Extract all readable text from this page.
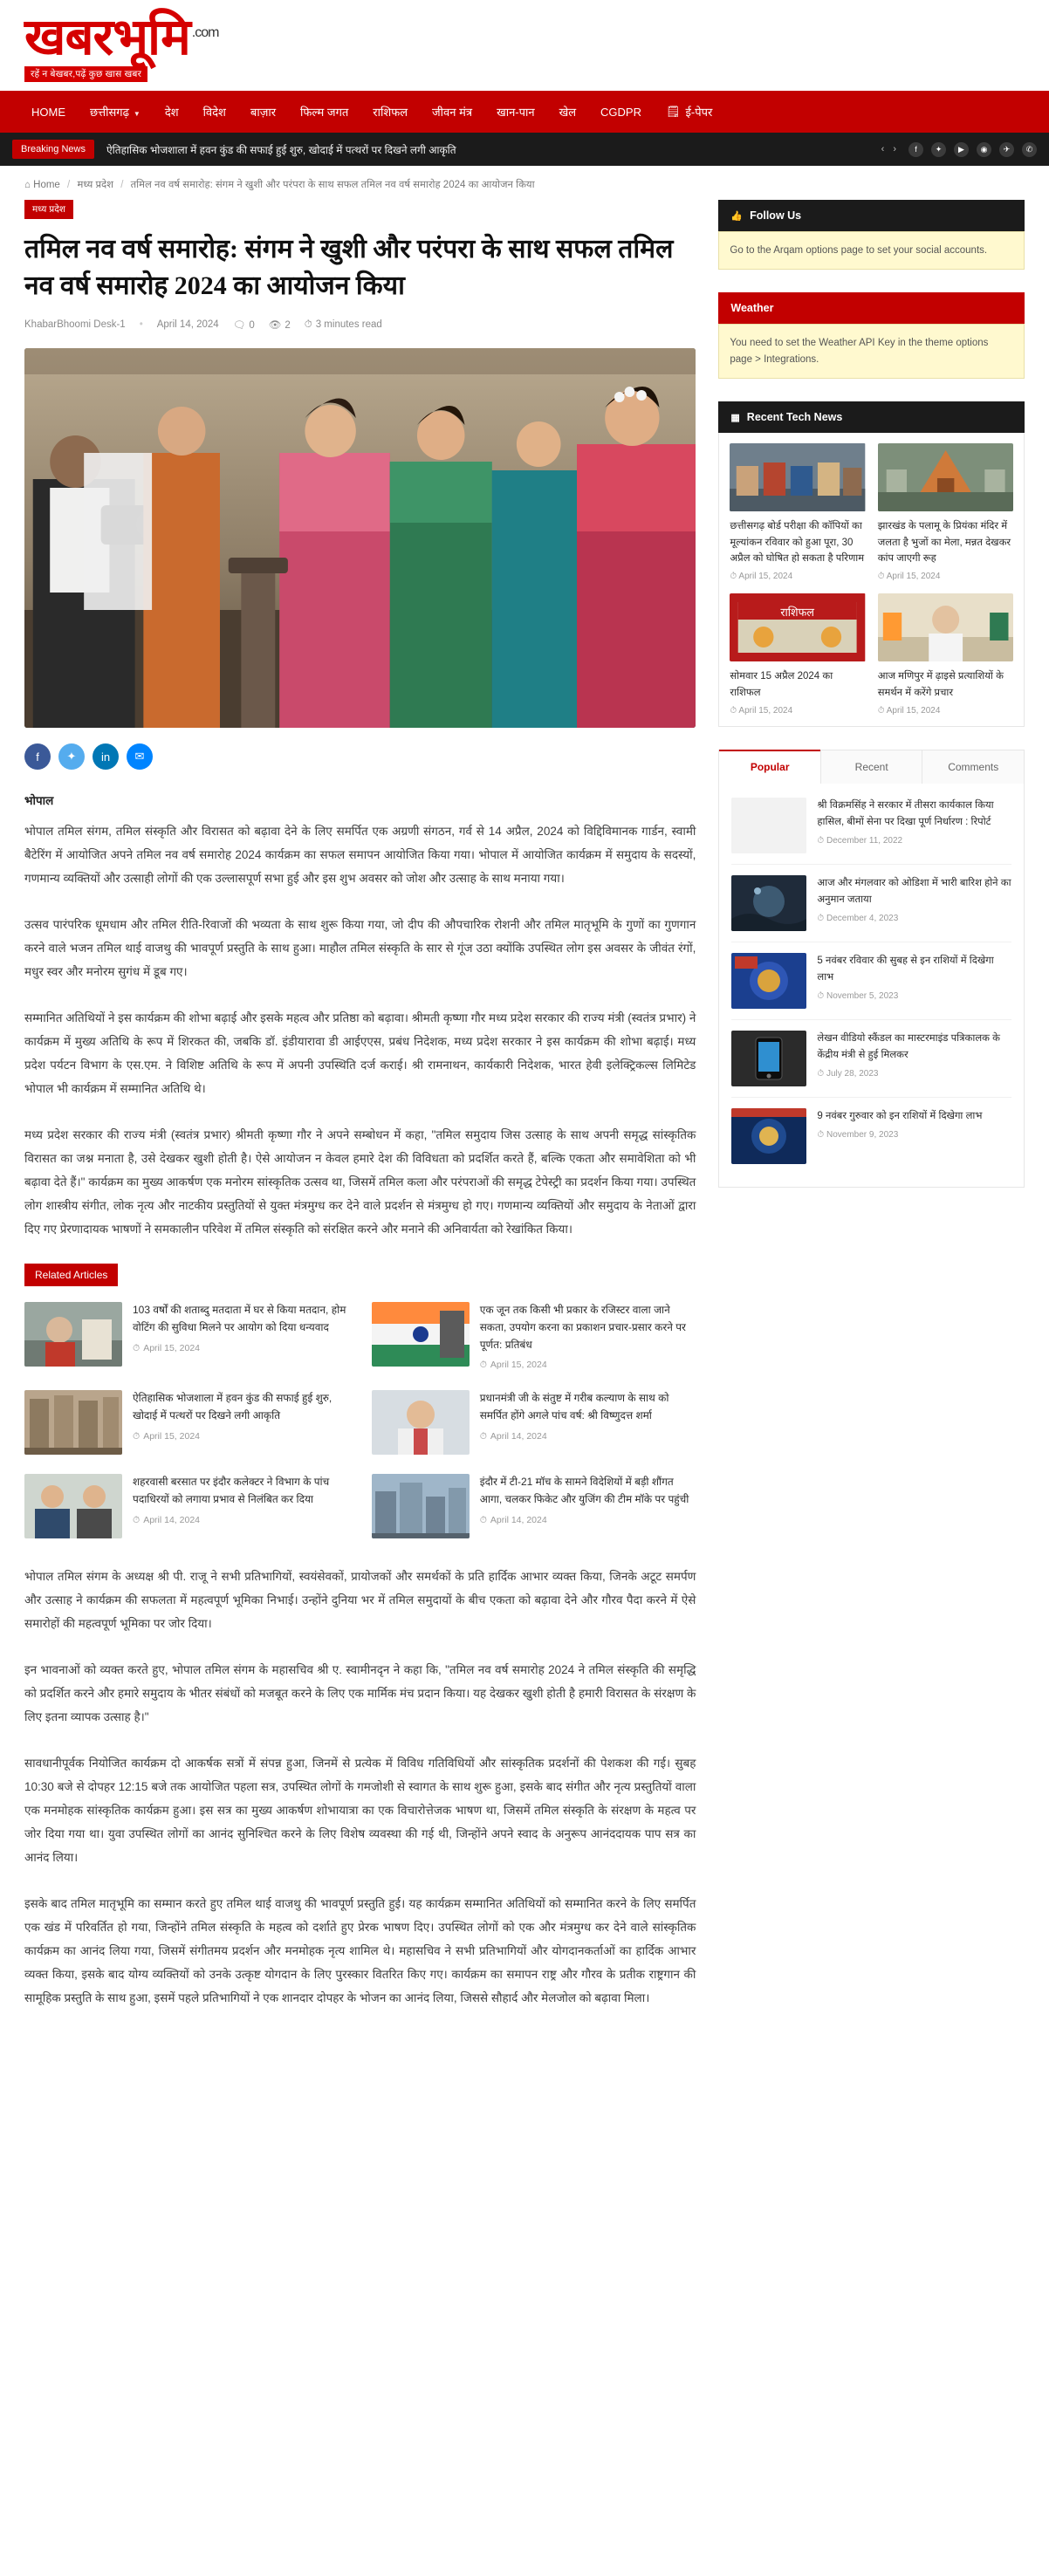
खबरभूमि $^{.com}$
रहें न बेखबर,पढ़ें कुछ खास खबर
HOME	छत्तीसगढ़ ▼	देश	विदेश	बाज़ार	फिल्म जगत	राशिफल	जीवन मंत्र	खान-पान	खेल	CGDPR	🗒 ई-पेपर
Breaking News	ऐतिहासिक भोजशाला में हवन कुंड की सफाई हुई शुरु, खोदाई में पत्थरों पर दिखने लगी आकृति	‹ ›	f	✦	▶	◉	✈	✆
⌂ Home / मध्य प्रदेश / तमिल नव वर्ष समारोह: संगम ने खुशी और परंपरा के साथ सफल तमिल नव वर्ष समारोह 2024 का आयोजन किया
मध्य प्रदेश
तमिल नव वर्ष समारोह: संगम ने खुशी और परंपरा के साथ सफल तमिल नव वर्ष समारोह 2024 का आयोजन किया
KhabarBhoomi Desk-1 • April 14, 2024 🗨 0 👁 2 ⏱ 3 minutes read
f	✦	in	✉

भोपाल

भोपाल तमिल संगम, तमिल संस्कृति और विरासत को बढ़ावा देने के लिए समर्पित एक अग्रणी संगठन, गर्व से 14 अप्रैल, 2024 को विद्दिविमानक गार्डन, स्वामी बैटेरिंग में आयोजित अपने तमिल नव वर्ष समारोह 2024 कार्यक्रम का सफल समापन आयोजित किया गया। भोपाल में आयोजित कार्यक्रम में समुदाय के सदस्यों, गणमान्य व्यक्तियों और उत्साही लोगों की एक उल्लासपूर्ण सभा हुई और इस शुभ अवसर को जोश और उत्साह के साथ मनाया गया।

उत्सव पारंपरिक धूमधाम और तमिल रीति-रिवाजों की भव्यता के साथ शुरू किया गया, जो दीप की औपचारिक रोशनी और तमिल मातृभूमि के गुणों का गुणगान करने वाले भजन तमिल थाई वाजथु की भावपूर्ण प्रस्तुति के साथ हुआ। माहौल तमिल संस्कृति के सार से गूंज उठा क्योंकि उपस्थित लोग इस अवसर के जीवंत रंगों, मधुर स्वर और मनोरम सुगंध में डूब गए।

सम्मानित अतिथियों ने इस कार्यक्रम की शोभा बढ़ाई और इसके महत्व और प्रतिष्ठा को बढ़ावा। श्रीमती कृष्णा गौर मध्य प्रदेश सरकार की राज्य मंत्री (स्वतंत्र प्रभार) ने कार्यक्रम में मुख्य अतिथि के रूप में शिरकत की, जबकि डॉ. इंडीयारावा डी आईएएस, प्रबंध निदेशक, मध्य प्रदेश सरकार ने इस कार्यक्रम की शोभा बढ़ाई। मध्य प्रदेश पर्यटन विभाग के एस.एम. ने विशिष्ट अतिथि के रूप में अपनी उपस्थिति दर्ज कराई। श्री रामनाथन, कार्यकारी निदेशक, भारत हेवी इलेक्ट्रिकल्स लिमिटेड भोपाल भी कार्यक्रम में सम्मानित अतिथि थे।

मध्य प्रदेश सरकार की राज्य मंत्री (स्वतंत्र प्रभार) श्रीमती कृष्णा गौर ने अपने सम्बोधन में कहा, "तमिल समुदाय जिस उत्साह के साथ अपनी समृद्ध सांस्कृतिक विरासत का जश्न मनाता है, उसे देखकर खुशी होती है। ऐसे आयोजन न केवल हमारे देश की विविधता को प्रदर्शित करते हैं, बल्कि एकता और समावेशिता को भी बढ़ावा देते हैं।" कार्यक्रम का मुख्य आकर्षण एक मनोरम सांस्कृतिक उत्सव था, जिसमें तमिल कला और परंपराओं की समृद्ध टेपेस्ट्री का प्रदर्शन किया गया। उपस्थित लोग शास्त्रीय संगीत, लोक नृत्य और नाटकीय प्रस्तुतियों से युक्त मंत्रमुग्ध कर देने वाले प्रदर्शन से मंत्रमुग्ध हो गए। गणमान्य व्यक्तियों और समुदाय के नेताओं द्वारा दिए गए प्रेरणादायक भाषणों ने समकालीन परिवेश में तमिल संस्कृति को संरक्षित करने और मनाने की अनिवार्यता को रेखांकित किया।

Related Articles

103 वर्षों की शताब्दु मतदाता में घर से किया मतदान, होम वोटिंग की सुविधा मिलने पर आयोग को दिया धन्यवाद

⏱ April 15, 2024

एक जून तक किसी भी प्रकार के रजिस्टर वाला जाने सकता, उपयोग करना का प्रकाशन प्रचार-प्रसार करने पर पूर्णत: प्रतिबंध

⏱ April 15, 2024

ऐतिहासिक भोजशाला में हवन कुंड की सफाई हुई शुरु, खोदाई में पत्थरों पर दिखने लगी आकृति

⏱ April 15, 2024

प्रधानमंत्री जी के संतुष्ट में गरीब कल्याण के साथ को समर्पित होंगे अगले पांच वर्ष: श्री विष्णुदत्त शर्मा

⏱ April 14, 2024

शहरवासी बरसात पर इंदौर कलेक्टर ने विभाग के पांच पदाधिरयों को लगाया प्रभाव से निलंबित कर दिया

⏱ April 14, 2024

इंदौर में टी-21 मॉच के सामने विदेशियों में बड़ी शौंगत आगा, चलकर फिकेट और युजिंग की टीम मॉके पर पहुंची

⏱ April 14, 2024

भोपाल तमिल संगम के अध्यक्ष श्री पी. राजू ने सभी प्रतिभागियों, स्वयंसेवकों, प्रायोजकों और समर्थकों के प्रति हार्दिक आभार व्यक्त किया, जिनके अटूट समर्पण और उत्साह ने कार्यक्रम की सफलता में महत्वपूर्ण भूमिका निभाई। उन्होंने दुनिया भर में तमिल समुदायों के बीच एकता को बढ़ावा देने और गौरव पैदा करने में ऐसे समारोहों की महत्वपूर्ण भूमिका पर जोर दिया।

इन भावनाओं को व्यक्त करते हुए, भोपाल तमिल संगम के महासचिव श्री ए. स्वामीनदृन ने कहा कि, "तमिल नव वर्ष समारोह 2024 ने तमिल संस्कृति की समृद्धि को प्रदर्शित करने और हमारे समुदाय के भीतर संबंधों को मजबूत करने के लिए एक मार्मिक मंच प्रदान किया। यह देखकर खुशी होती है हमारी विरासत के संरक्षण के लिए इतना व्यापक उत्साह है।"

सावधानीपूर्वक नियोजित कार्यक्रम दो आकर्षक सत्रों में संपन्न हुआ, जिनमें से प्रत्येक में विविध गतिविधियों और सांस्कृतिक प्रदर्शनों की पेशकश की गई। सुबह 10:30 बजे से दोपहर 12:15 बजे तक आयोजित पहला सत्र, उपस्थित लोगों के गमजोशी से स्वागत के साथ शुरू हुआ, इसके बाद संगीत और नृत्य प्रस्तुतियों वाला एक मनमोहक सांस्कृतिक कार्यक्रम हुआ। इस सत्र का मुख्य आकर्षण शोभायात्रा का एक विचारोत्तेजक भाषण था, जिसमें तमिल संस्कृति के संरक्षण के महत्व पर जोर दिया गया था। युवा उपस्थित लोगों का आनंद सुनिश्चित करने के लिए विशेष व्यवस्था की गई थी, जिन्होंने अपने स्वाद के अनुरूप आनंददायक पाप सत्र का आनंद लिया।

इसके बाद तमिल मातृभूमि का सम्मान करते हुए तमिल थाई वाजथु की भावपूर्ण प्रस्तुति हुई। यह कार्यक्रम सम्मानित अतिथियों को सम्मानित करने के लिए समर्पित एक खंड में परिवर्तित हो गया, जिन्होंने तमिल संस्कृति के महत्व को दर्शाते हुए प्रेरक भाषण दिए। उपस्थित लोगों को एक और मंत्रमुग्ध कर देने वाले सांस्कृतिक कार्यक्रम का आनंद लिया गया, जिसमें संगीतमय प्रदर्शन और मनमोहक नृत्य शामिल थे। महासचिव ने सभी प्रतिभागियों और योगदानकर्ताओं का हार्दिक आभार व्यक्त किया, इसके बाद योग्य व्यक्तियों को उनके उत्कृष्ट योगदान के लिए पुरस्कार वितरित किए गए। कार्यक्रम का समापन राष्ट्र और गौरव के प्रतीक राष्ट्रगान की सामूहिक प्रस्तुति के साथ हुआ, इसमें पहले प्रतिभागियों ने एक शानदार दोपहर के भोजन का आनंद लिया, जिससे सौहार्द और मेलजोल को बढ़ावा मिला।

👍 Follow Us
Go to the Arqam options page to set your social accounts.
Weather
You need to set the Weather API Key in the theme options page > Integrations.
▦ Recent Tech News

छत्तीसगढ़ बोर्ड परीक्षा की कॉपियों का मूल्यांकन रविवार को हुआ पूरा, 30 अप्रैल को घोषित हो सकता है परिणाम

⏱ April 15, 2024

झारखंड के पलामू के प्रियंका मंदिर में जलता है भुजों का मेला, मन्नत देखकर कांप जाएगी रूह

⏱ April 15, 2024
राशिफल

सोमवार 15 अप्रैल 2024 का राशिफल

⏱ April 15, 2024

आज मणिपुर में ढ़ाइसे प्रत्याशियों के समर्थन में करेंगे प्रचार

⏱ April 15, 2024
Popular	Recent	Comments

श्री विक्रमसिंह ने सरकार में तीसरा कार्यकाल किया हासिल, बीमों सेना पर दिखा पूर्ण निर्धारण : रिपोर्ट

⏱ December 11, 2022

आज और मंगलवार को ओडिशा में भारी बारिश होने का अनुमान जताया

⏱ December 4, 2023

5 नवंबर रविवार की सुबह से इन राशियों में दिखेगा लाभ

⏱ November 5, 2023

लेखन वीडियो स्कैंडल का मास्टरमाइंड पत्रिकालक के केंद्रीय मंत्री से हुई मिलकर

⏱ July 28, 2023

9 नवंबर गुरुवार को इन राशियों में दिखेगा लाभ

⏱ November 9, 2023
